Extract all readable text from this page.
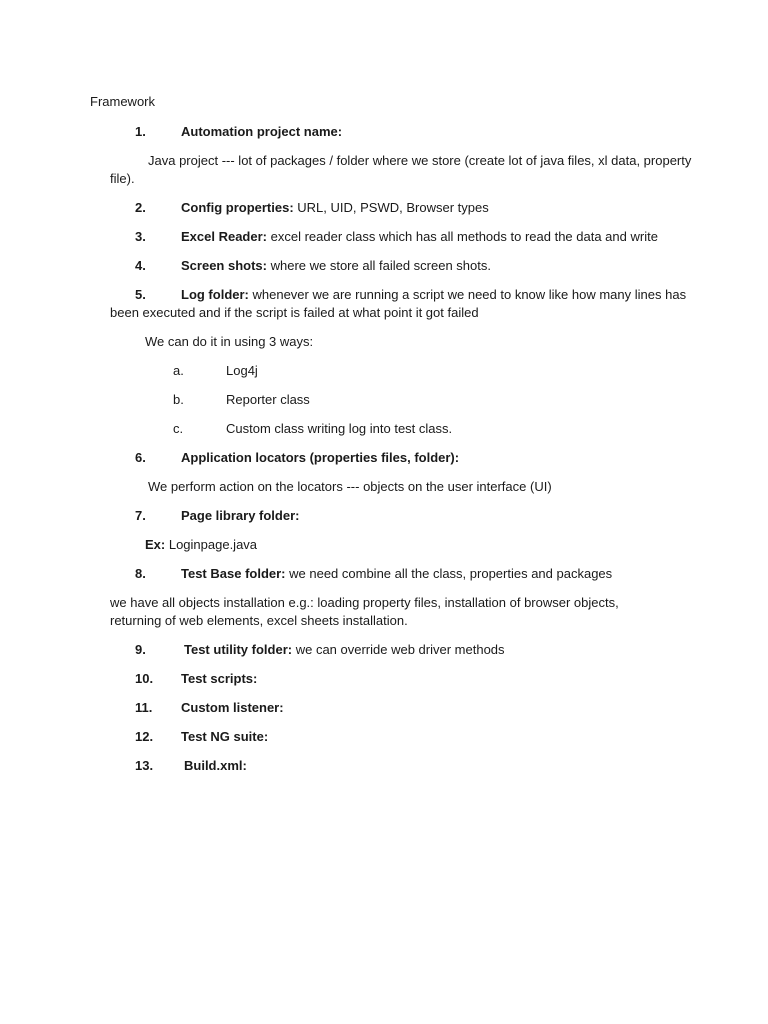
Framework
1.	Automation project name:
Java project --- lot of packages / folder where we store (create lot of java files, xl data, property
file).
2.	Config properties: URL, UID, PSWD, Browser types
3.	Excel Reader: excel reader class which has all methods to read the data and write
4.	Screen shots: where we store all failed screen shots.
5.	Log folder: whenever we are running a script we need to know like how many lines has
been executed and if the script is failed at what point it got failed
We can do it in using 3 ways:
a.	Log4j
b.	Reporter class
c.	Custom class writing log into test class.
6.	Application locators (properties files, folder):
We perform action on the locators --- objects on the user interface (UI)
7.	Page library folder:
Ex: Loginpage.java
8.	Test Base folder: we need combine all the class, properties and packages
we have all objects installation e.g.: loading property files, installation of browser objects,
returning of web elements, excel sheets installation.
9.	Test utility folder: we can override web driver methods
10. Test scripts:
11. Custom listener:
12. Test NG suite:
13. Build.xml:
